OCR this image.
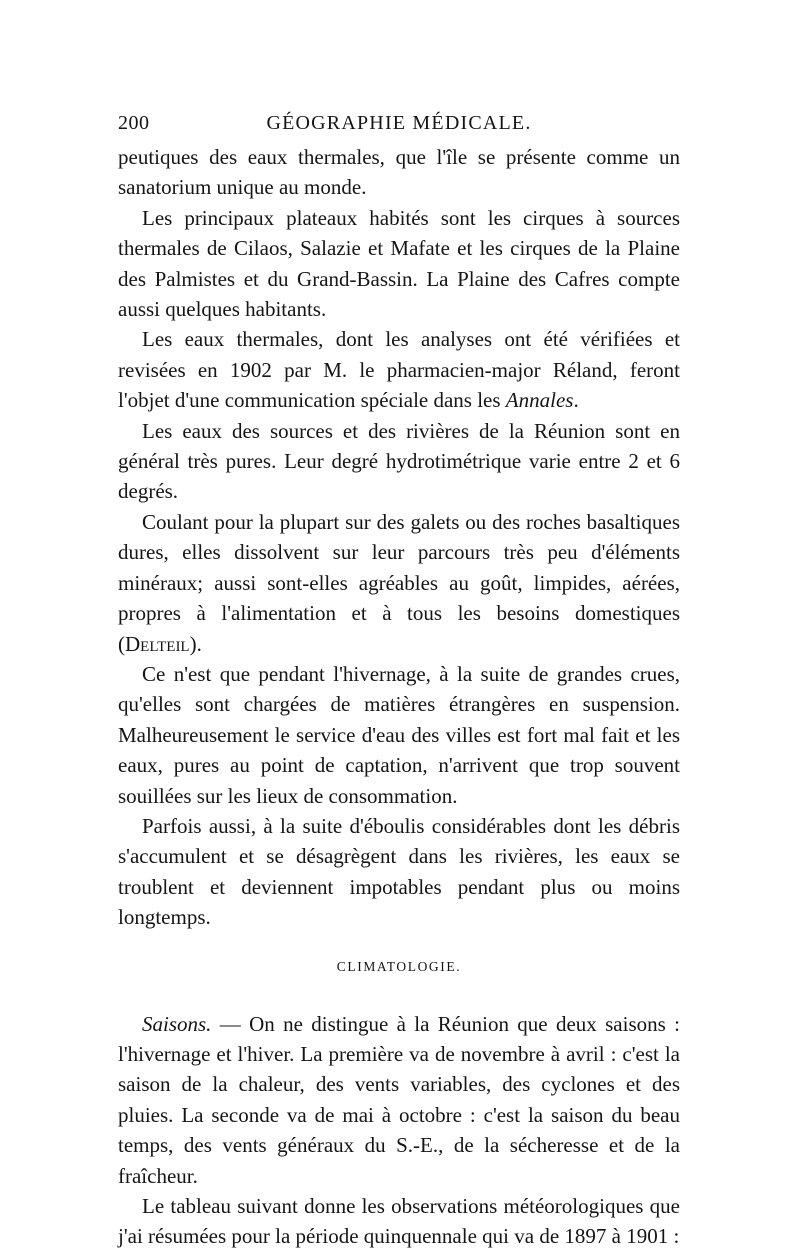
200	GÉOGRAPHIE MÉDICALE.

peutiques des eaux thermales, que l'île se présente comme un sanatorium unique au monde.

Les principaux plateaux habités sont les cirques à sources thermales de Cilaos, Salazie et Mafate et les cirques de la Plaine des Palmistes et du Grand-Bassin. La Plaine des Cafres compte aussi quelques habitants.

Les eaux thermales, dont les analyses ont été vérifiées et revisées en 1902 par M. le pharmacien-major Réland, feront l'objet d'une communication spéciale dans les Annales.

Les eaux des sources et des rivières de la Réunion sont en général très pures. Leur degré hydrotimétrique varie entre 2 et 6 degrés.

Coulant pour la plupart sur des galets ou des roches basaltiques dures, elles dissolvent sur leur parcours très peu d'éléments minéraux; aussi sont-elles agréables au goût, limpides, aérées, propres à l'alimentation et à tous les besoins domestiques (Delteil).

Ce n'est que pendant l'hivernage, à la suite de grandes crues, qu'elles sont chargées de matières étrangères en suspension. Malheureusement le service d'eau des villes est fort mal fait et les eaux, pures au point de captation, n'arrivent que trop souvent souillées sur les lieux de consommation.

Parfois aussi, à la suite d'éboulis considérables dont les débris s'accumulent et se désagrègent dans les rivières, les eaux se troublent et deviennent impotables pendant plus ou moins longtemps.

CLIMATOLOGIE.

Saisons. — On ne distingue à la Réunion que deux saisons : l'hivernage et l'hiver. La première va de novembre à avril : c'est la saison de la chaleur, des vents variables, des cyclones et des pluies. La seconde va de mai à octobre : c'est la saison du beau temps, des vents généraux du S.-E., de la sécheresse et de la fraîcheur.

Le tableau suivant donne les observations météorologiques que j'ai résumées pour la période quinquennale qui va de 1897 à 1901 :
